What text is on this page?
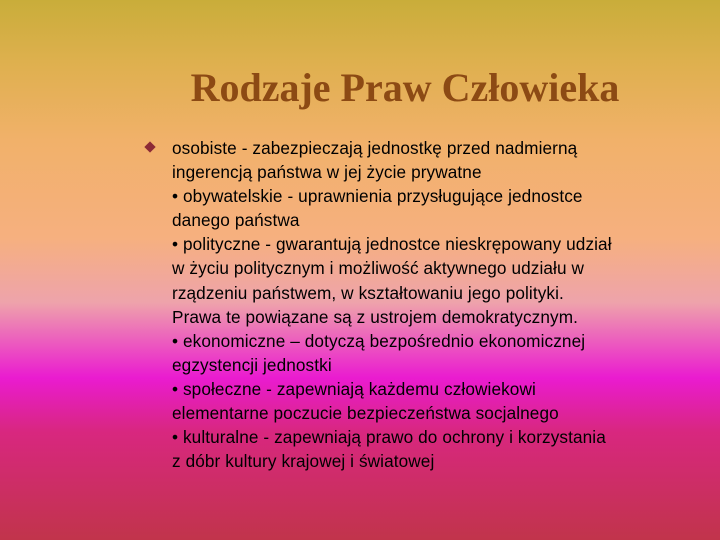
Rodzaje Praw Człowieka

osobiste - zabezpieczają jednostkę przed nadmierną
ingerencją państwa w jej życie prywatne
• obywatelskie - uprawnienia przysługujące jednostce
danego państwa
• polityczne - gwarantują jednostce nieskrępowany udział
w życiu politycznym i możliwość aktywnego udziału w
rządzeniu państwem, w kształtowaniu jego polityki.
Prawa te powiązane są z ustrojem demokratycznym.
• ekonomiczne – dotyczą bezpośrednio ekonomicznej
egzystencji jednostki
• społeczne - zapewniają każdemu człowiekowi
elementarne poczucie bezpieczeństwa socjalnego
• kulturalne - zapewniają prawo do ochrony i korzystania
z dóbr kultury krajowej i światowej
